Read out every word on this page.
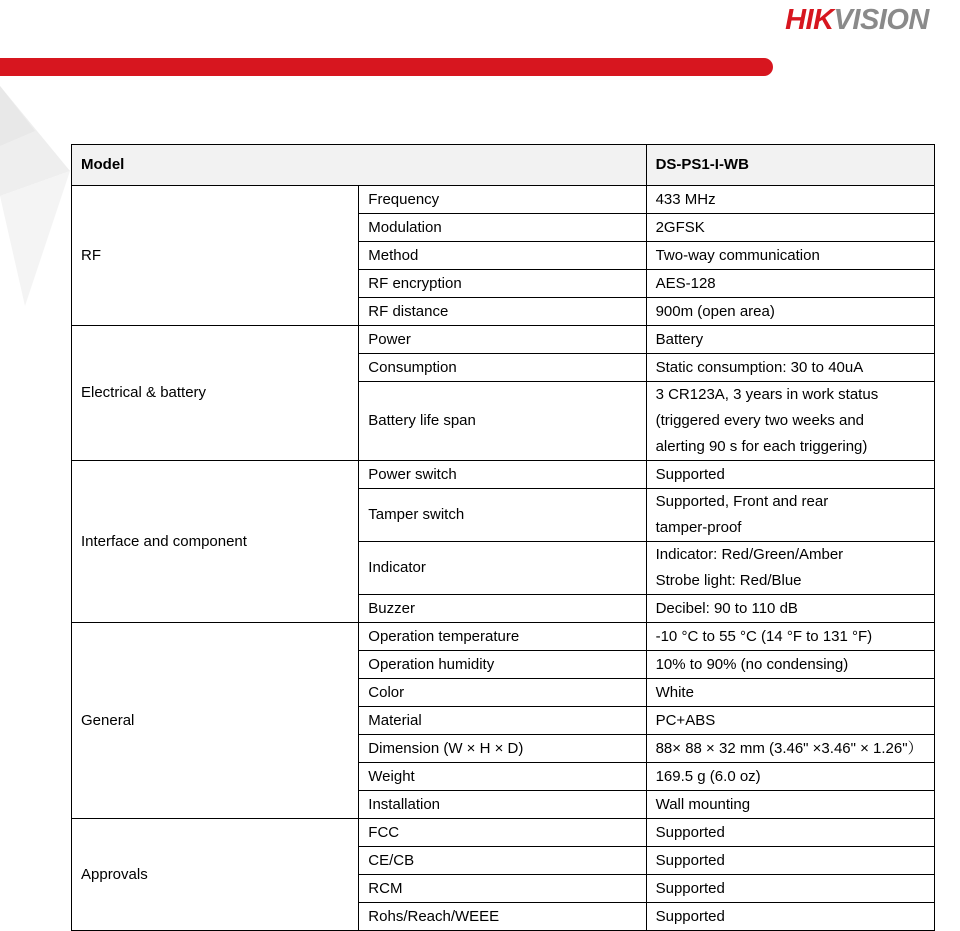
HIKVISION
Model		DS-PS1-I-WB
RF	Frequency	433 MHz

	Modulation	2GFSK

	Method	Two-way communication

	RF encryption	AES-128

	RF distance	900m (open area)

Electrical & battery	Power	Battery

	Consumption	Static consumption: 30 to 40uA

	Battery life span	3 CR123A, 3 years in work status
(triggered every two weeks and
alerting 90 s for each triggering)

Interface and component	Power switch	Supported

	Tamper switch	Supported, Front and rear
tamper-proof

	Indicator	Indicator: Red/Green/Amber
Strobe light: Red/Blue

	Buzzer	Decibel: 90 to 110 dB

General	Operation temperature	-10 °C to 55 °C (14 °F to 131 °F)

	Operation humidity	10% to 90% (no condensing)

	Color	White

	Material	PC+ABS

	Dimension (W × H × D)	88× 88 × 32 mm (3.46" ×3.46" × 1.26"）

	Weight	169.5 g (6.0 oz)

	Installation	Wall mounting

Approvals	FCC	Supported

	CE/CB	Supported

	RCM	Supported

	Rohs/Reach/WEEE	Supported
